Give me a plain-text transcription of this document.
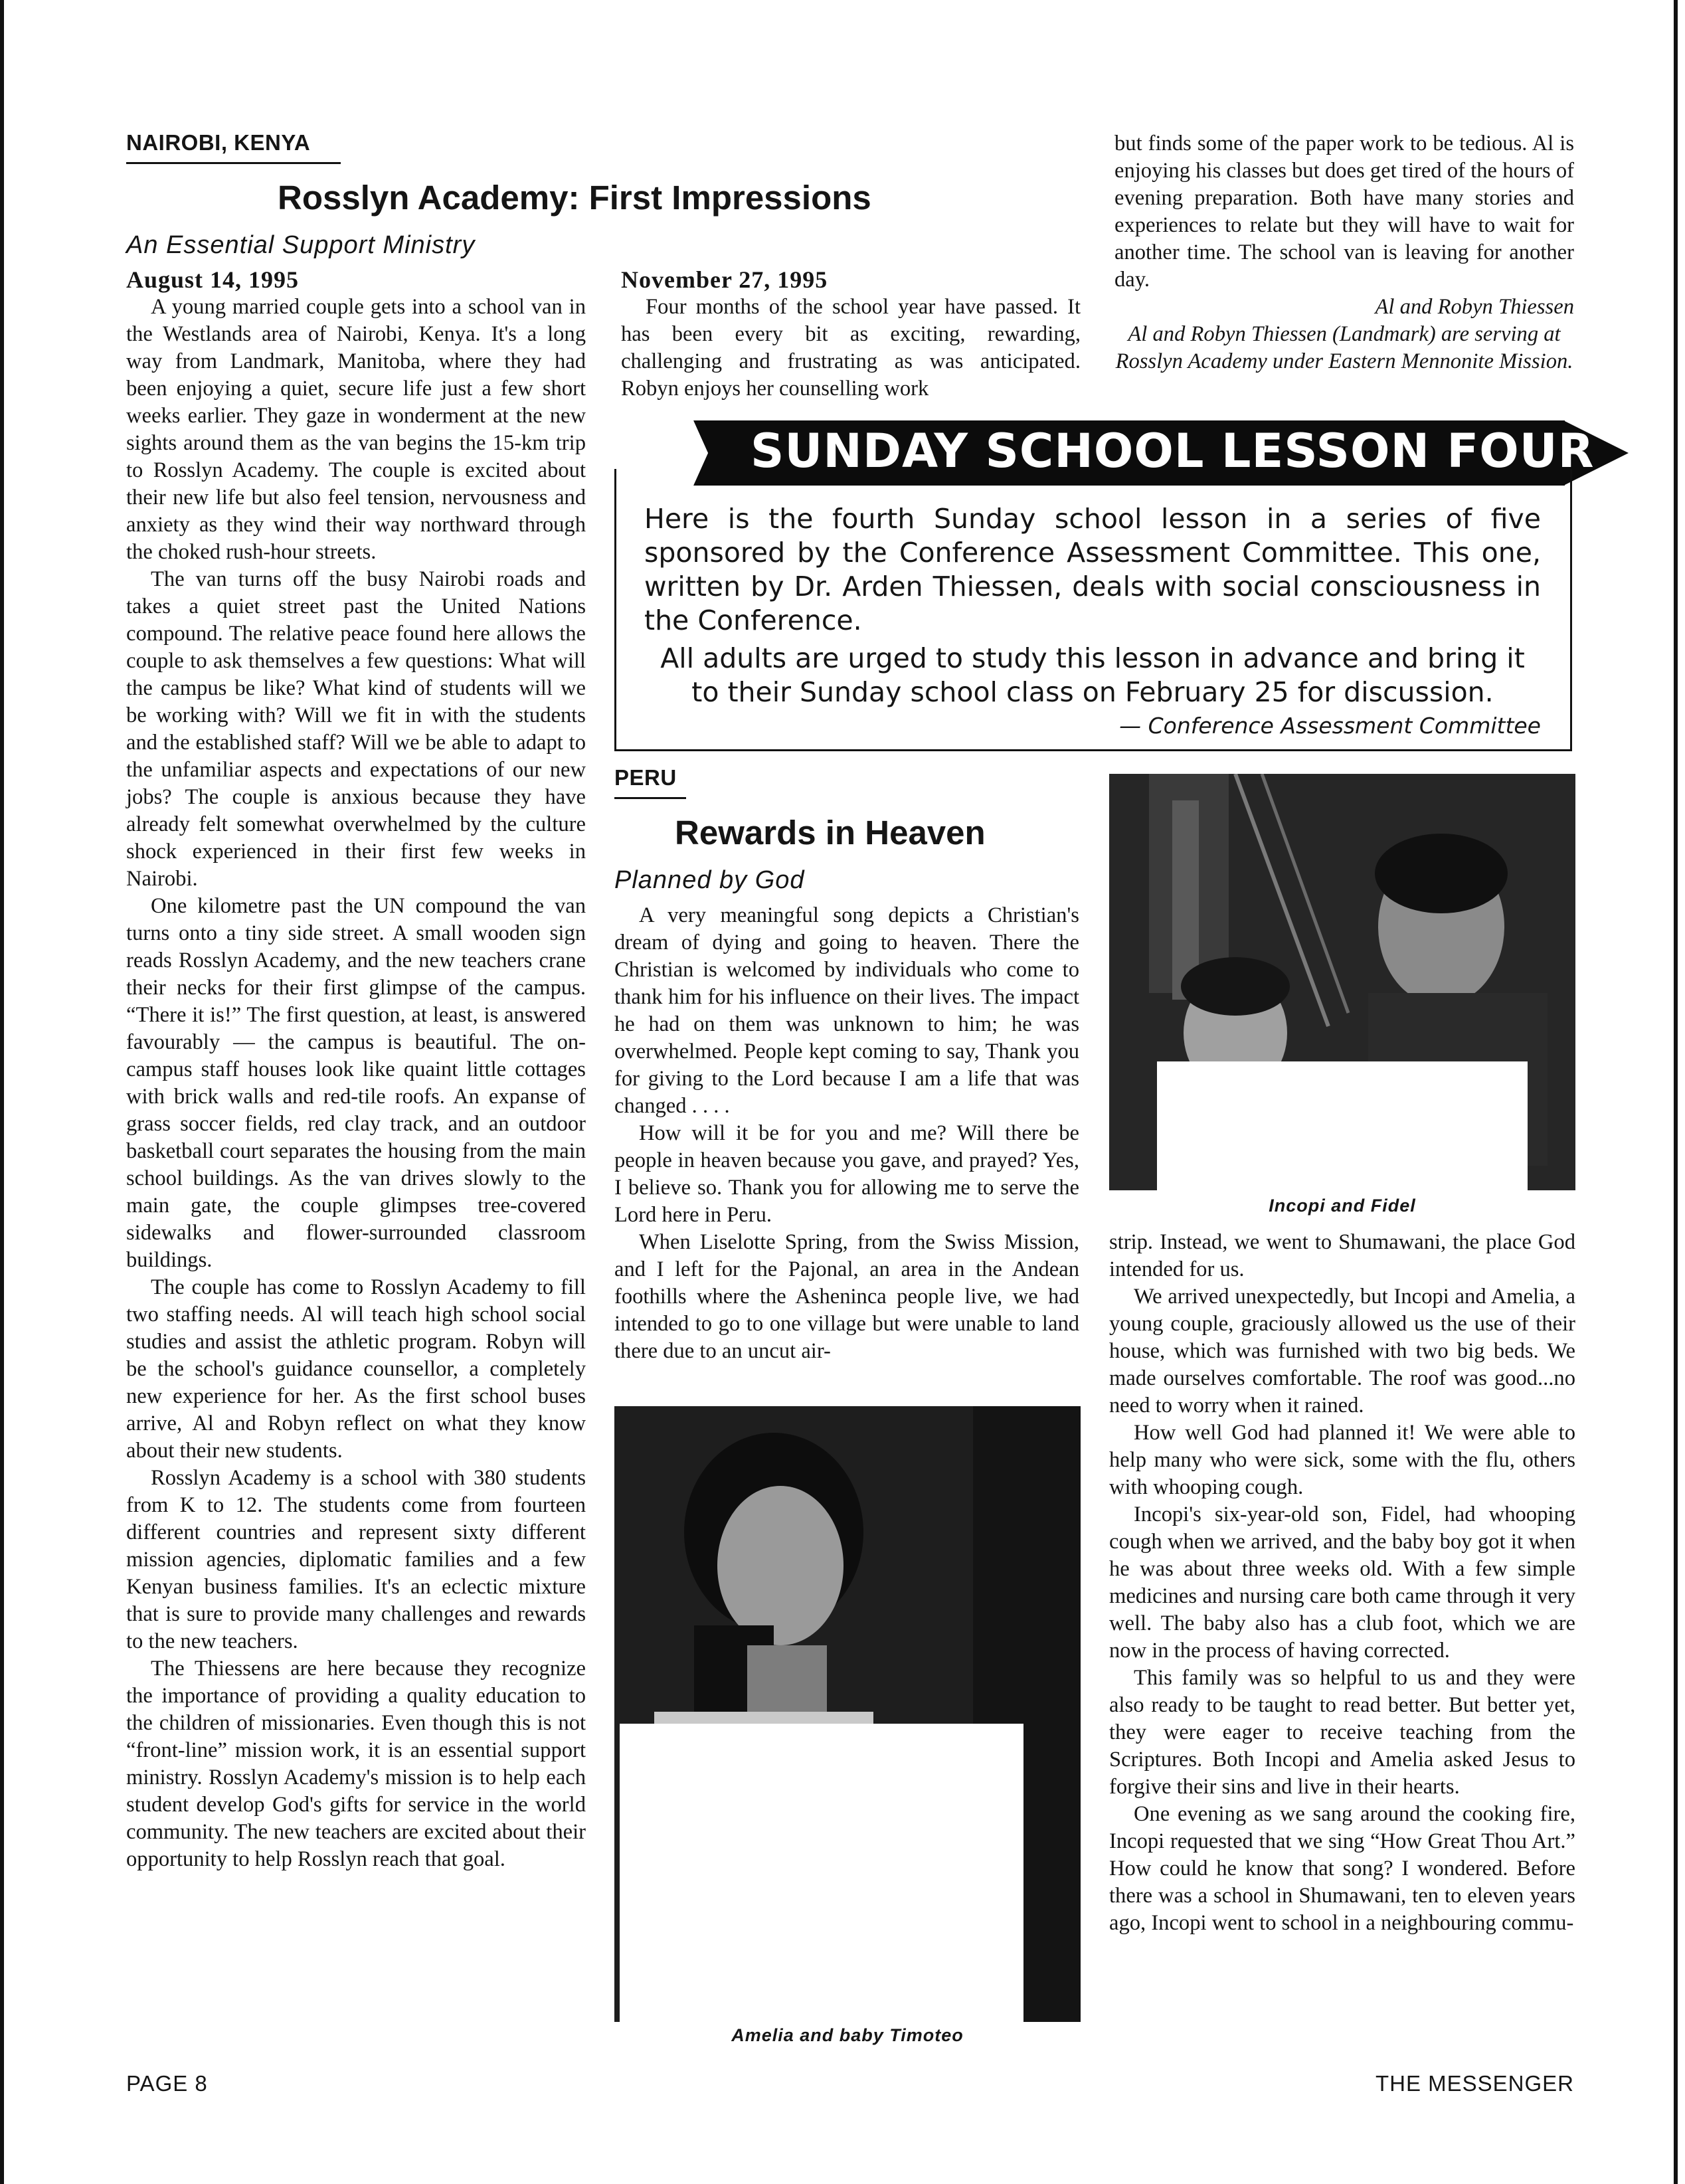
NAIROBI, KENYA
Rosslyn Academy: First Impressions
An Essential Support Ministry
August 14, 1995

A young married couple gets into a school van in the Westlands area of Nairobi, Kenya. It's a long way from Landmark, Manitoba, where they had been enjoying a quiet, secure life just a few short weeks earlier. They gaze in wonderment at the new sights around them as the van begins the 15-km trip to Rosslyn Academy. The couple is excited about their new life but also feel tension, nervousness and anxiety as they wind their way northward through the choked rush-hour streets.

The van turns off the busy Nairobi roads and takes a quiet street past the United Nations compound. The relative peace found here allows the couple to ask themselves a few questions: What will the campus be like? What kind of students will we be working with? Will we fit in with the students and the established staff? Will we be able to adapt to the unfamiliar aspects and expectations of our new jobs? The couple is anxious because they have already felt somewhat overwhelmed by the culture shock experienced in their first few weeks in Nairobi.

One kilometre past the UN compound the van turns onto a tiny side street. A small wooden sign reads Rosslyn Academy, and the new teachers crane their necks for their first glimpse of the campus. “There it is!” The first question, at least, is answered favourably — the campus is beautiful. The on-campus staff houses look like quaint little cottages with brick walls and red-tile roofs. An expanse of grass soccer fields, red clay track, and an outdoor basketball court separates the housing from the main school buildings. As the van drives slowly to the main gate, the couple glimpses tree-covered sidewalks and flower-surrounded classroom buildings.

The couple has come to Rosslyn Academy to fill two staffing needs. Al will teach high school social studies and assist the athletic program. Robyn will be the school's guidance counsellor, a completely new experience for her. As the first school buses arrive, Al and Robyn reflect on what they know about their new students.

Rosslyn Academy is a school with 380 students from K to 12. The students come from fourteen different countries and represent sixty different mission agencies, diplomatic families and a few Kenyan business families. It's an eclectic mixture that is sure to provide many challenges and rewards to the new teachers.

The Thiessens are here because they recognize the importance of providing a quality education to the children of missionaries. Even though this is not “front-line” mission work, it is an essential support ministry. Rosslyn Academy's mission is to help each student develop God's gifts for service in the world community. The new teachers are excited about their opportunity to help Rosslyn reach that goal.

November 27, 1995

Four months of the school year have passed. It has been every bit as exciting, rewarding, challenging and frustrating as was anticipated. Robyn enjoys her counselling work

but finds some of the paper work to be tedious. Al is enjoying his classes but does get tired of the hours of evening preparation. Both have many stories and experiences to relate but they will have to wait for another time. The school van is leaving for another day.

Al and Robyn Thiessen

Al and Robyn Thiessen (Landmark) are serving at Rosslyn Academy under Eastern Mennonite Mission.

SUNDAY SCHOOL LESSON FOUR

Here is the fourth Sunday school lesson in a series of five sponsored by the Conference Assessment Committee. This one, written by Dr. Arden Thiessen, deals with social consciousness in the Conference.

All adults are urged to study this lesson in advance and bring it to their Sunday school class on February 25 for discussion.

— Conference Assessment Committee
PERU
Rewards in Heaven
Planned by God

A very meaningful song depicts a Christian's dream of dying and going to heaven. There the Christian is welcomed by individuals who come to thank him for his influence on their lives. The impact he had on them was unknown to him; he was overwhelmed. People kept coming to say, Thank you for giving to the Lord because I am a life that was changed . . . .

How will it be for you and me? Will there be people in heaven because you gave, and prayed? Yes, I believe so. Thank you for allowing me to serve the Lord here in Peru.

When Liselotte Spring, from the Swiss Mission, and I left for the Pajonal, an area in the Andean foothills where the Asheninca people live, we had intended to go to one village but were unable to land there due to an uncut air-

Incopi and Fidel

strip. Instead, we went to Shumawani, the place God intended for us.

We arrived unexpectedly, but Incopi and Amelia, a young couple, graciously allowed us the use of their house, which was furnished with two big beds. We made ourselves comfortable. The roof was good...no need to worry when it rained.

How well God had planned it! We were able to help many who were sick, some with the flu, others with whooping cough.

Incopi's six-year-old son, Fidel, had whooping cough when we arrived, and the baby boy got it when he was about three weeks old. With a few simple medicines and nursing care both came through it very well. The baby also has a club foot, which we are now in the process of having corrected.

This family was so helpful to us and they were also ready to be taught to read better. But better yet, they were eager to receive teaching from the Scriptures. Both Incopi and Amelia asked Jesus to forgive their sins and live in their hearts.

One evening as we sang around the cooking fire, Incopi requested that we sing “How Great Thou Art.” How could he know that song? I wondered. Before there was a school in Shumawani, ten to eleven years ago, Incopi went to school in a neighbouring commu-

Amelia and baby Timoteo
PAGE 8	THE MESSENGER
